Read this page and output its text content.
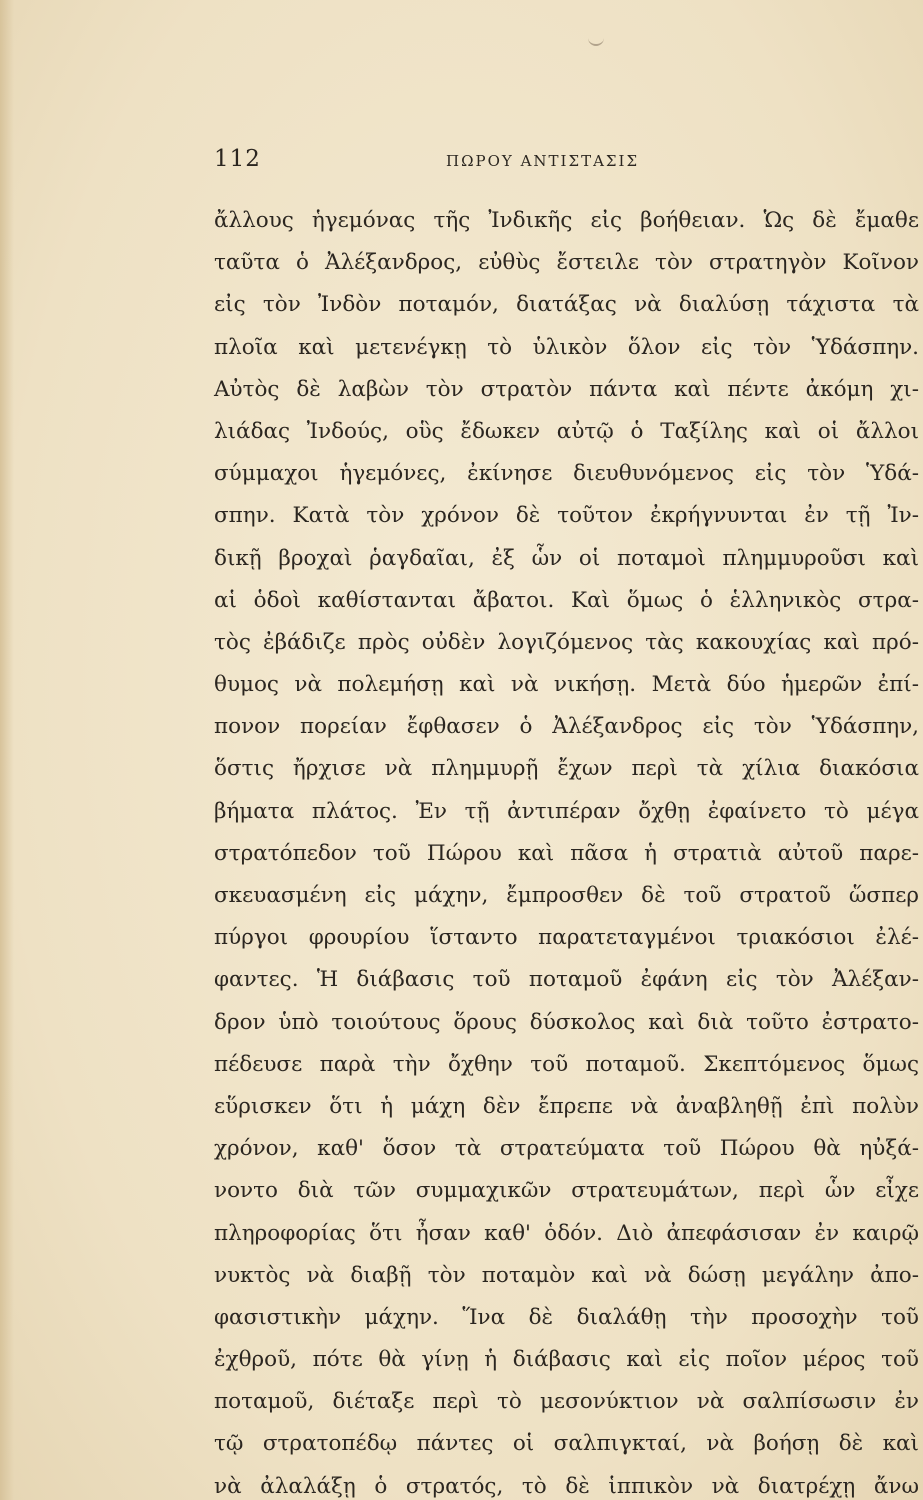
112	ΠΩΡΟΥ ΑΝΤΙΣΤΑΣΙΣ
ἄλλους ἡγεμόνας τῆς Ἰνδικῆς εἰς βοήθειαν. Ὡς δὲ ἔμαθε
ταῦτα ὁ Ἀλέξανδρος, εὐθὺς ἔστειλε τὸν στρατηγὸν Κοῖνον
εἰς τὸν Ἰνδὸν ποταμόν, διατάξας νὰ διαλύσῃ τάχιστα τὰ
πλοῖα καὶ μετενέγκῃ τὸ ὑλικὸν ὅλον εἰς τὸν Ὑδάσπην.
Αὐτὸς δὲ λαβὼν τὸν στρατὸν πάντα καὶ πέντε ἀκόμη χι-
λιάδας Ἰνδούς, οὓς ἔδωκεν αὐτῷ ὁ Ταξίλης καὶ οἱ ἄλλοι
σύμμαχοι ἡγεμόνες, ἐκίνησε διευθυνόμενος εἰς τὸν Ὑδά-
σπην. Κατὰ τὸν χρόνον δὲ τοῦτον ἐκρήγνυνται ἐν τῇ Ἰν-
δικῇ βροχαὶ ῥαγδαῖαι, ἐξ ὧν οἱ ποταμοὶ πλημμυροῦσι καὶ
αἱ ὁδοὶ καθίστανται ἄβατοι. Καὶ ὅμως ὁ ἑλληνικὸς στρα-
τὸς ἐβάδιζε πρὸς οὐδὲν λογιζόμενος τὰς κακουχίας καὶ πρό-
θυμος νὰ πολεμήσῃ καὶ νὰ νικήσῃ. Μετὰ δύο ἡμερῶν ἐπί-
πονον πορείαν ἔφθασεν ὁ Ἀλέξανδρος εἰς τὸν Ὑδάσπην,
ὅστις ἤρχισε νὰ πλημμυρῇ ἔχων περὶ τὰ χίλια διακόσια
βήματα πλάτος. Ἐν τῇ ἀντιπέραν ὄχθῃ ἐφαίνετο τὸ μέγα
στρατόπεδον τοῦ Πώρου καὶ πᾶσα ἡ στρατιὰ αὐτοῦ παρε-
σκευασμένη εἰς μάχην, ἔμπροσθεν δὲ τοῦ στρατοῦ ὥσπερ
πύργοι φρουρίου ἵσταντο παρατεταγμένοι τριακόσιοι ἐλέ-
φαντες. Ἡ διάβασις τοῦ ποταμοῦ ἐφάνη εἰς τὸν Ἀλέξαν-
δρον ὑπὸ τοιούτους ὅρους δύσκολος καὶ διὰ τοῦτο ἐστρατο-
πέδευσε παρὰ τὴν ὄχθην τοῦ ποταμοῦ. Σκεπτόμενος ὅμως
εὕρισκεν ὅτι ἡ μάχη δὲν ἔπρεπε νὰ ἀναβληθῇ ἐπὶ πολὺν
χρόνον, καθ' ὅσον τὰ στρατεύματα τοῦ Πώρου θὰ ηὐξά-
νοντο διὰ τῶν συμμαχικῶν στρατευμάτων, περὶ ὧν εἶχε
πληροφορίας ὅτι ἦσαν καθ' ὁδόν. Διὸ ἀπεφάσισαν ἐν καιρῷ
νυκτὸς νὰ διαβῇ τὸν ποταμὸν καὶ νὰ δώσῃ μεγάλην ἀπο-
φασιστικὴν μάχην. Ἵνα δὲ διαλάθῃ τὴν προσοχὴν τοῦ
ἐχθροῦ, πότε θὰ γίνῃ ἡ διάβασις καὶ εἰς ποῖον μέρος τοῦ
ποταμοῦ, διέταξε περὶ τὸ μεσονύκτιον νὰ σαλπίσωσιν ἐν
τῷ στρατοπέδῳ πάντες οἱ σαλπιγκταί, νὰ βοήσῃ δὲ καὶ
νὰ ἀλαλάξῃ ὁ στρατός, τὸ δὲ ἱππικὸν νὰ διατρέχῃ ἄνω
